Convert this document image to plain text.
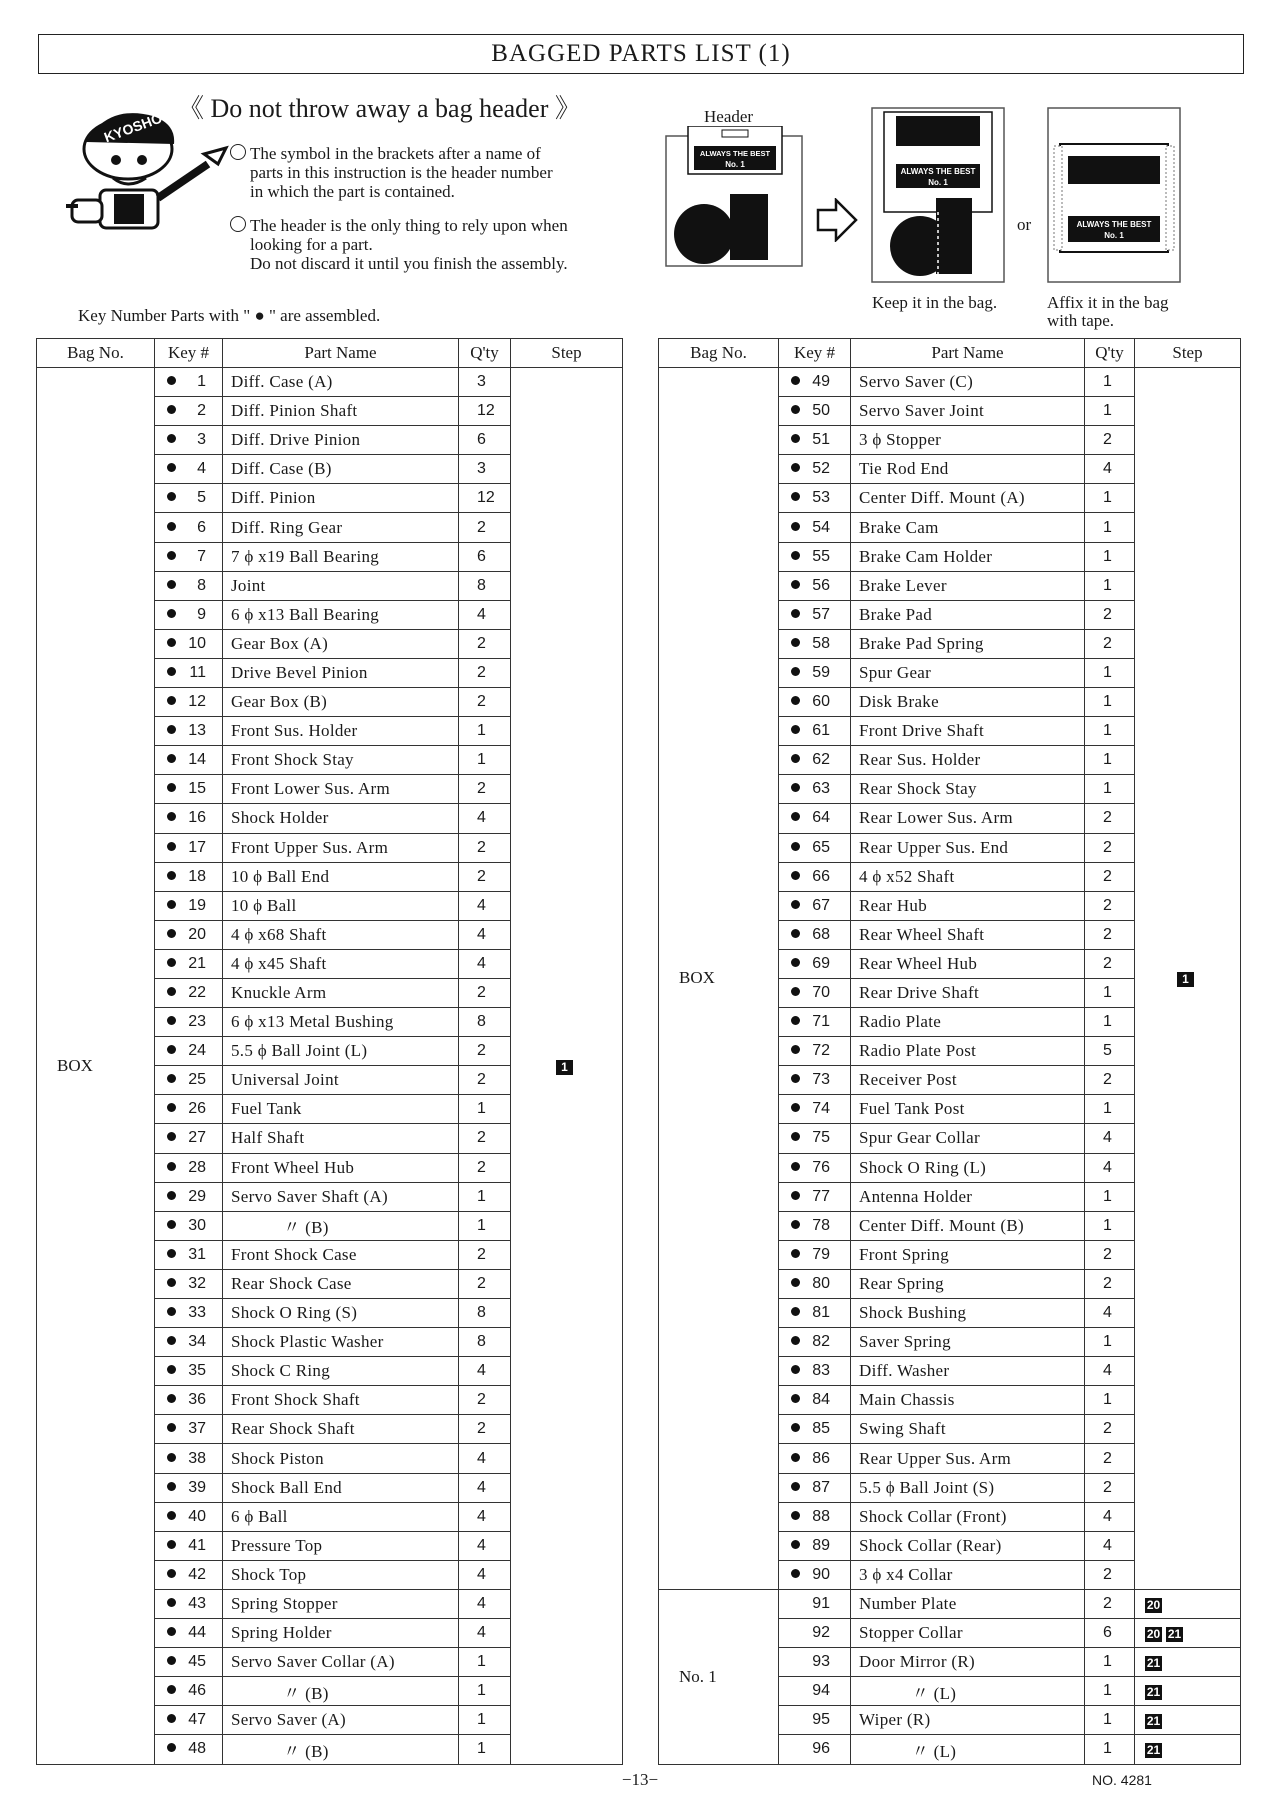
BAGGED PARTS LIST (1)
KYOSHO
《 Do not throw away a bag header 》
The symbol in the brackets after a name of
parts in this instruction is the header number
in which the part is contained.
The header is the only thing to rely upon when
looking for a part.
Do not discard it until you finish the assembly.
Key Number Parts with " ● " are assembled.
Header
ALWAYS THE BEST
No. 1
ALWAYS THE BEST
No. 1
or	ALWAYS THE BEST
No. 1
Keep it in the bag.	Affix it in the bag
with tape.
Bag No.	Key #	Part Name	Q'ty	Step
BOX	1	Diff. Case (A)	3	1
	2	Diff. Pinion Shaft	12	
	3	Diff. Drive Pinion	6	
	4	Diff. Case (B)	3	
	5	Diff. Pinion	12	
	6	Diff. Ring Gear	2	
	7	7 ϕ x19 Ball Bearing	6	
	8	Joint	8	
	9	6 ϕ x13 Ball Bearing	4	
	10	Gear Box (A)	2	
	11	Drive Bevel Pinion	2	
	12	Gear Box (B)	2	
	13	Front Sus. Holder	1	
	14	Front Shock Stay	1	
	15	Front Lower Sus. Arm	2	
	16	Shock Holder	4	
	17	Front Upper Sus. Arm	2	
	18	10 ϕ Ball End	2	
	19	10 ϕ Ball	4	
	20	4 ϕ x68 Shaft	4	
	21	4 ϕ x45 Shaft	4	
	22	Knuckle Arm	2	
	23	6 ϕ x13 Metal Bushing	8	
	24	5.5 ϕ Ball Joint (L)	2	
	25	Universal Joint	2	
	26	Fuel Tank	1	
	27	Half Shaft	2	
	28	Front Wheel Hub	2	
	29	Servo Saver Shaft (A)	1	
	30	〃 (B)	1	
	31	Front Shock Case	2	
	32	Rear Shock Case	2	
	33	Shock O Ring (S)	8	
	34	Shock Plastic Washer	8	
	35	Shock C Ring	4	
	36	Front Shock Shaft	2	
	37	Rear Shock Shaft	2	
	38	Shock Piston	4	
	39	Shock Ball End	4	
	40	6 ϕ Ball	4	
	41	Pressure Top	4	
	42	Shock Top	4	
	43	Spring Stopper	4	
	44	Spring Holder	4	
	45	Servo Saver Collar (A)	1	
	46	〃 (B)	1	
	47	Servo Saver (A)	1	
	48	〃 (B)	1	
Bag No.	Key #	Part Name	Q'ty	Step
BOX	49	Servo Saver (C)	1	1
	50	Servo Saver Joint	1	
	51	3 ϕ Stopper	2	
	52	Tie Rod End	4	
	53	Center Diff. Mount (A)	1	
	54	Brake Cam	1	
	55	Brake Cam Holder	1	
	56	Brake Lever	1	
	57	Brake Pad	2	
	58	Brake Pad Spring	2	
	59	Spur Gear	1	
	60	Disk Brake	1	
	61	Front Drive Shaft	1	
	62	Rear Sus. Holder	1	
	63	Rear Shock Stay	1	
	64	Rear Lower Sus. Arm	2	
	65	Rear Upper Sus. End	2	
	66	4 ϕ x52 Shaft	2	
	67	Rear Hub	2	
	68	Rear Wheel Shaft	2	
	69	Rear Wheel Hub	2	
	70	Rear Drive Shaft	1	
	71	Radio Plate	1	
	72	Radio Plate Post	5	
	73	Receiver Post	2	
	74	Fuel Tank Post	1	
	75	Spur Gear Collar	4	
	76	Shock O Ring (L)	4	
	77	Antenna Holder	1	
	78	Center Diff. Mount (B)	1	
	79	Front Spring	2	
	80	Rear Spring	2	
	81	Shock Bushing	4	
	82	Saver Spring	1	
	83	Diff. Washer	4	
	84	Main Chassis	1	
	85	Swing Shaft	2	
	86	Rear Upper Sus. Arm	2	
	87	5.5 ϕ Ball Joint (S)	2	
	88	Shock Collar (Front)	4	
	89	Shock Collar (Rear)	4	
	90	3 ϕ x4 Collar	2	
No. 1	91	Number Plate	2	20
	92	Stopper Collar	6	20 21
	93	Door Mirror (R)	1	21
	94	〃 (L)	1	21
	95	Wiper (R)	1	21
	96	〃 (L)	1	21
−13−	NO. 4281
